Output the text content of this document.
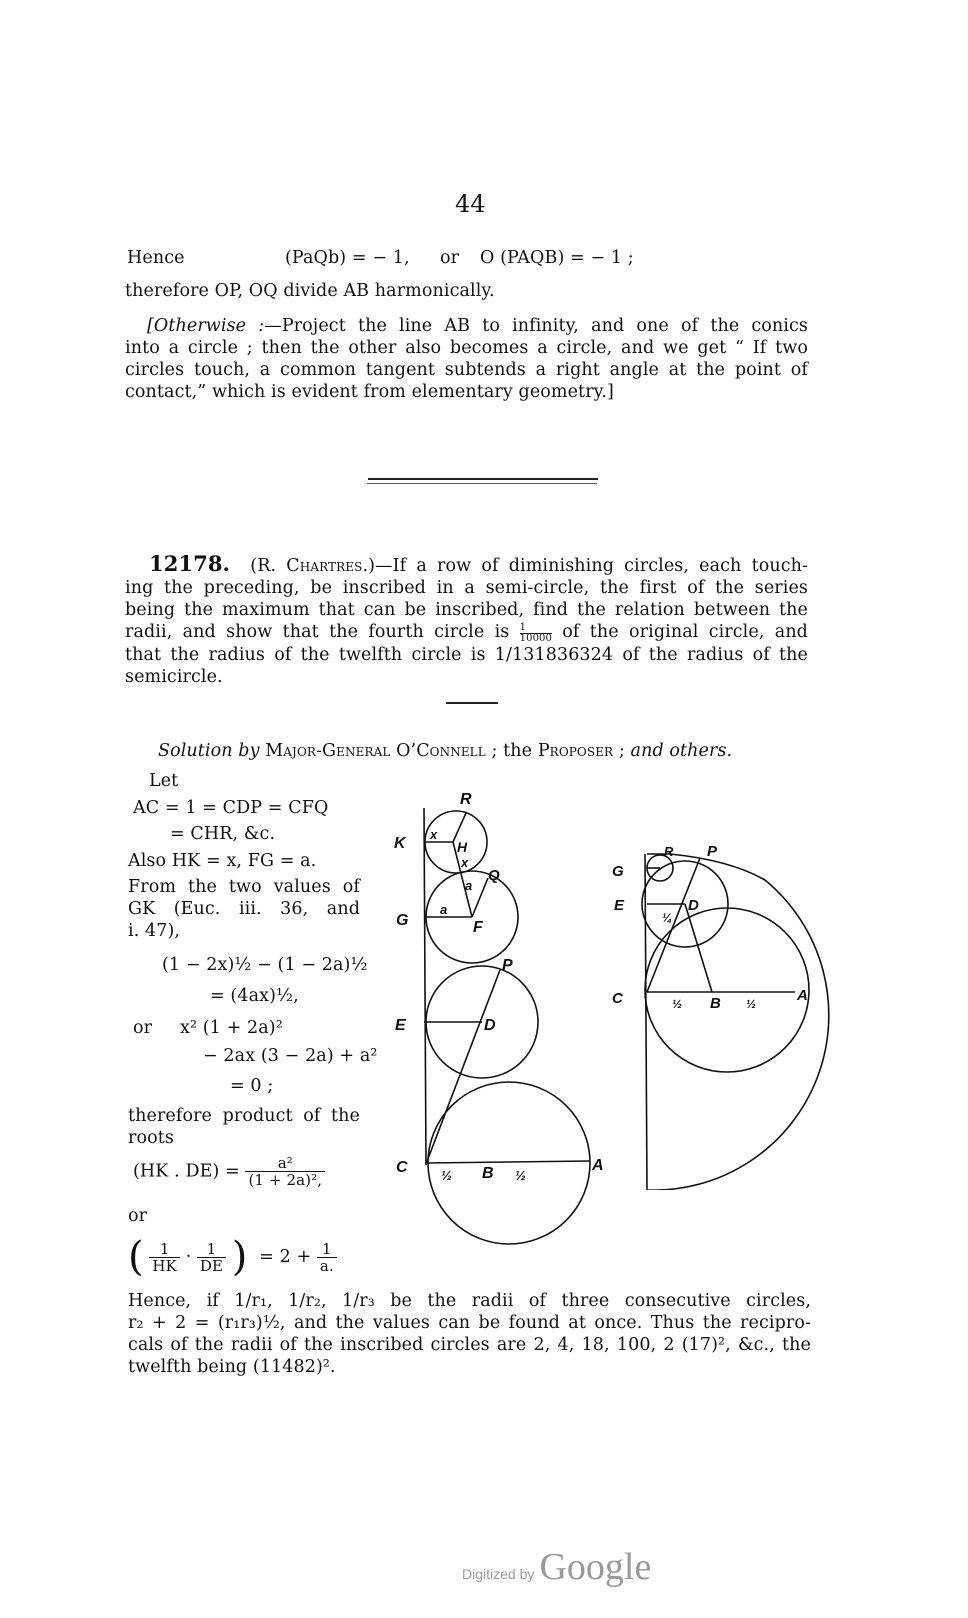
44
Hence	(PaQb) = − 1, or O (PAQB) = − 1 ;
therefore OP, OQ divide AB harmonically.
[Otherwise :—Project the line AB to infinity, and one of the conics
into a circle ; then the other also becomes a circle, and we get “ If two
circles touch, a common tangent subtends a right angle at the point of
contact,” which is evident from elementary geometry.]
12178. (R. Chartres.)—If a row of diminishing circles, each touch-
ing the preceding, be inscribed in a semi-circle, the first of the series
being the maximum that can be inscribed, find the relation between the
radii, and show that the fourth circle is $\frac{1}{10000}$ of the original circle, and
that the radius of the twelfth circle is 1/131836324 of the radius of the
semicircle.
Solution by Major-General O’Connell ; the Proposer ; and others.
Let
AC = 1 = CDP = CFQ
= CHR, &c.
Also HK = x, FG = a.
From the two values of
GK (Euc. iii. 36, and
i. 47),
(1 − 2x)½ − (1 − 2a)½
= (4ax)½,
or x² (1 + 2a)²
− 2ax (3 − 2a) + a²
= 0 ;
therefore product of the
roots
(HK . $DE) = \frac{\text{a²}}{\text{(1 + 2a)²,}}$
or
( $\frac{1}{HK} \cdot \frac{1}{DE}$ ) = $2 + \frac{1}{a.}$
Hence, if 1/r₁, 1/r₂, 1/r₃ be the radii of three consecutive circles,
r₂ + 2 = (r₁r₃)½, and the values can be found at once. Thus the recipro-
cals of the radii of the inscribed circles are 2, 4, 18, 100, 2 (17)², &c., the
twelfth being (11482)².
R
K
x
H
x
Q
a
G
a
F
P
E	D
C	½ B ½
A
G
R P
E
¼
D
C	½ B ½	A
Digitized by Google
